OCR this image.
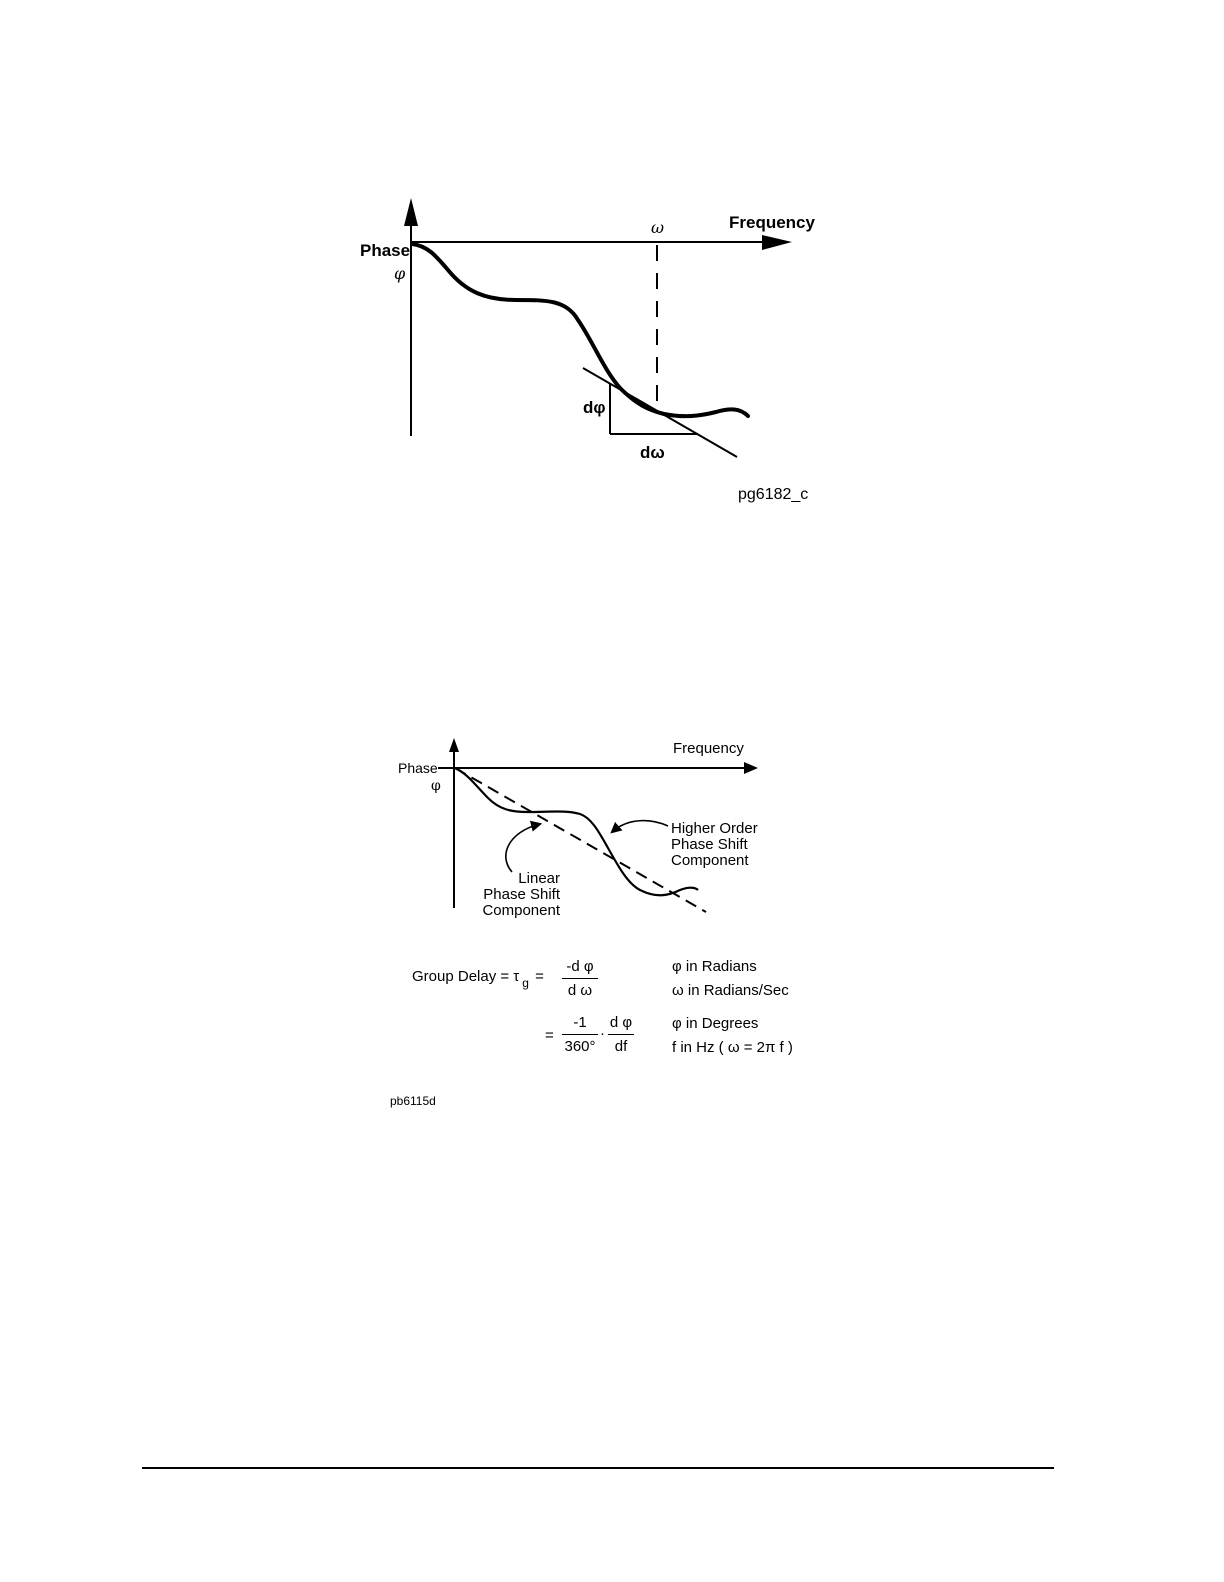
Phase
φ
Frequency
ω
dφ
dω
pg6182_c
Phase
φ
Frequency
Higher Order
Phase Shift
Component
Linear
Phase Shift
Component
Group Delay = τ $_g$ =
-d φ
d ω
φ in Radians
ω in Radians/Sec
=
-1
360°
·
d φ
df
φ in Degrees
f in Hz ( ω = 2π f )
pb6115d
